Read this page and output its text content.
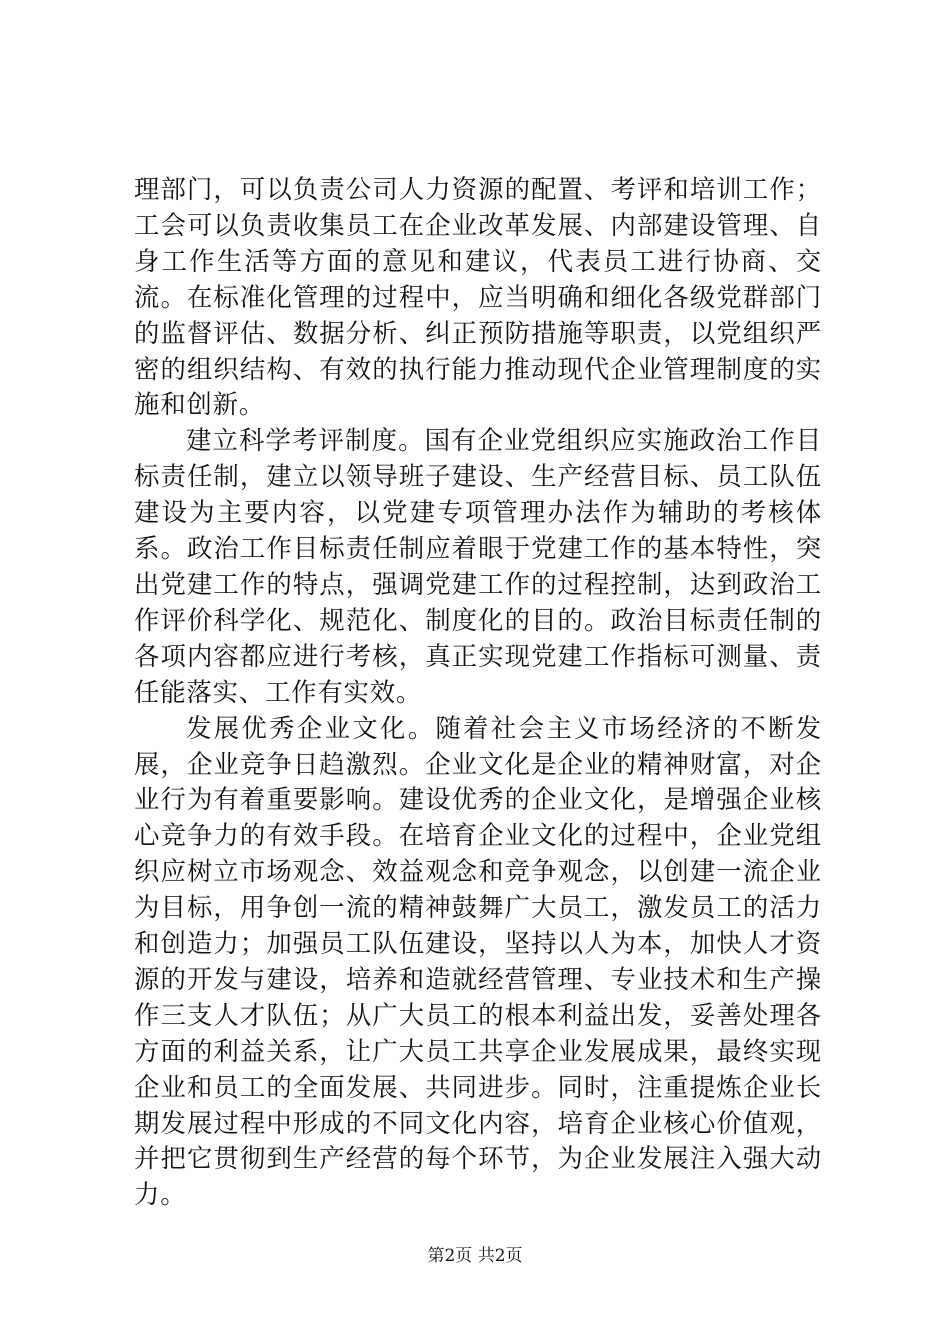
理部门，可以负责公司人力资源的配置、考评和培训工作；工会可以负责收集员工在企业改革发展、内部建设管理、自身工作生活等方面的意见和建议，代表员工进行协商、交流。在标准化管理的过程中，应当明确和细化各级党群部门的监督评估、数据分析、纠正预防措施等职责，以党组织严密的组织结构、有效的执行能力推动现代企业管理制度的实施和创新。

建立科学考评制度。国有企业党组织应实施政治工作目标责任制，建立以领导班子建设、生产经营目标、员工队伍建设为主要内容，以党建专项管理办法作为辅助的考核体系。政治工作目标责任制应着眼于党建工作的基本特性，突出党建工作的特点，强调党建工作的过程控制，达到政治工作评价科学化、规范化、制度化的目的。政治目标责任制的各项内容都应进行考核，真正实现党建工作指标可测量、责任能落实、工作有实效。

发展优秀企业文化。随着社会主义市场经济的不断发展，企业竞争日趋激烈。企业文化是企业的精神财富，对企业行为有着重要影响。建设优秀的企业文化，是增强企业核心竞争力的有效手段。在培育企业文化的过程中，企业党组织应树立市场观念、效益观念和竞争观念，以创建一流企业为目标，用争创一流的精神鼓舞广大员工，激发员工的活力和创造力；加强员工队伍建设，坚持以人为本，加快人才资源的开发与建设，培养和造就经营管理、专业技术和生产操作三支人才队伍；从广大员工的根本利益出发，妥善处理各方面的利益关系，让广大员工共享企业发展成果，最终实现企业和员工的全面发展、共同进步。同时，注重提炼企业长期发展过程中形成的不同文化内容，培育企业核心价值观，并把它贯彻到生产经营的每个环节，为企业发展注入强大动力。

第2页 共2页
